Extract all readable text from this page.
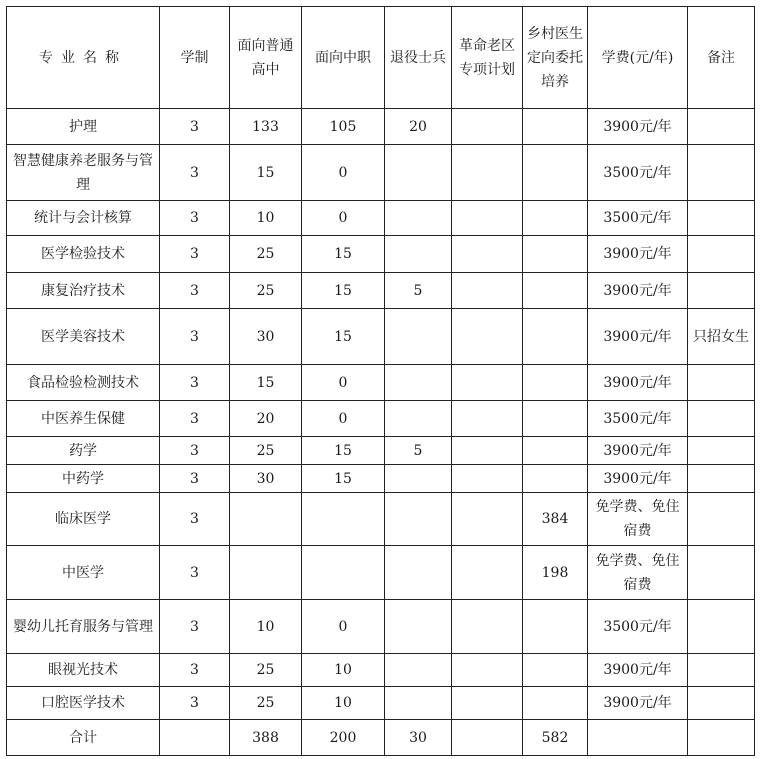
专业名称	学制	面向普通高中	面向中职	退役士兵	革命老区专项计划	乡村医生定向委托培养	学费(元/年)	备注
护理	3	133	105	20			3900元/年	
智慧健康养老服务与管理	3	15	0				3500元/年	
统计与会计核算	3	10	0				3500元/年	
医学检验技术	3	25	15				3900元/年	
康复治疗技术	3	25	15	5			3900元/年	
医学美容技术	3	30	15				3900元/年	只招女生
食品检验检测技术	3	15	0				3900元/年	
中医养生保健	3	20	0				3500元/年	
药学	3	25	15	5			3900元/年	
中药学	3	30	15				3900元/年	
临床医学	3					384	免学费、免住宿费	
中医学	3					198	免学费、免住宿费	
婴幼儿托育服务与管理	3	10	0				3500元/年	
眼视光技术	3	25	10				3900元/年	
口腔医学技术	3	25	10				3900元/年	
合计		388	200	30		582		
